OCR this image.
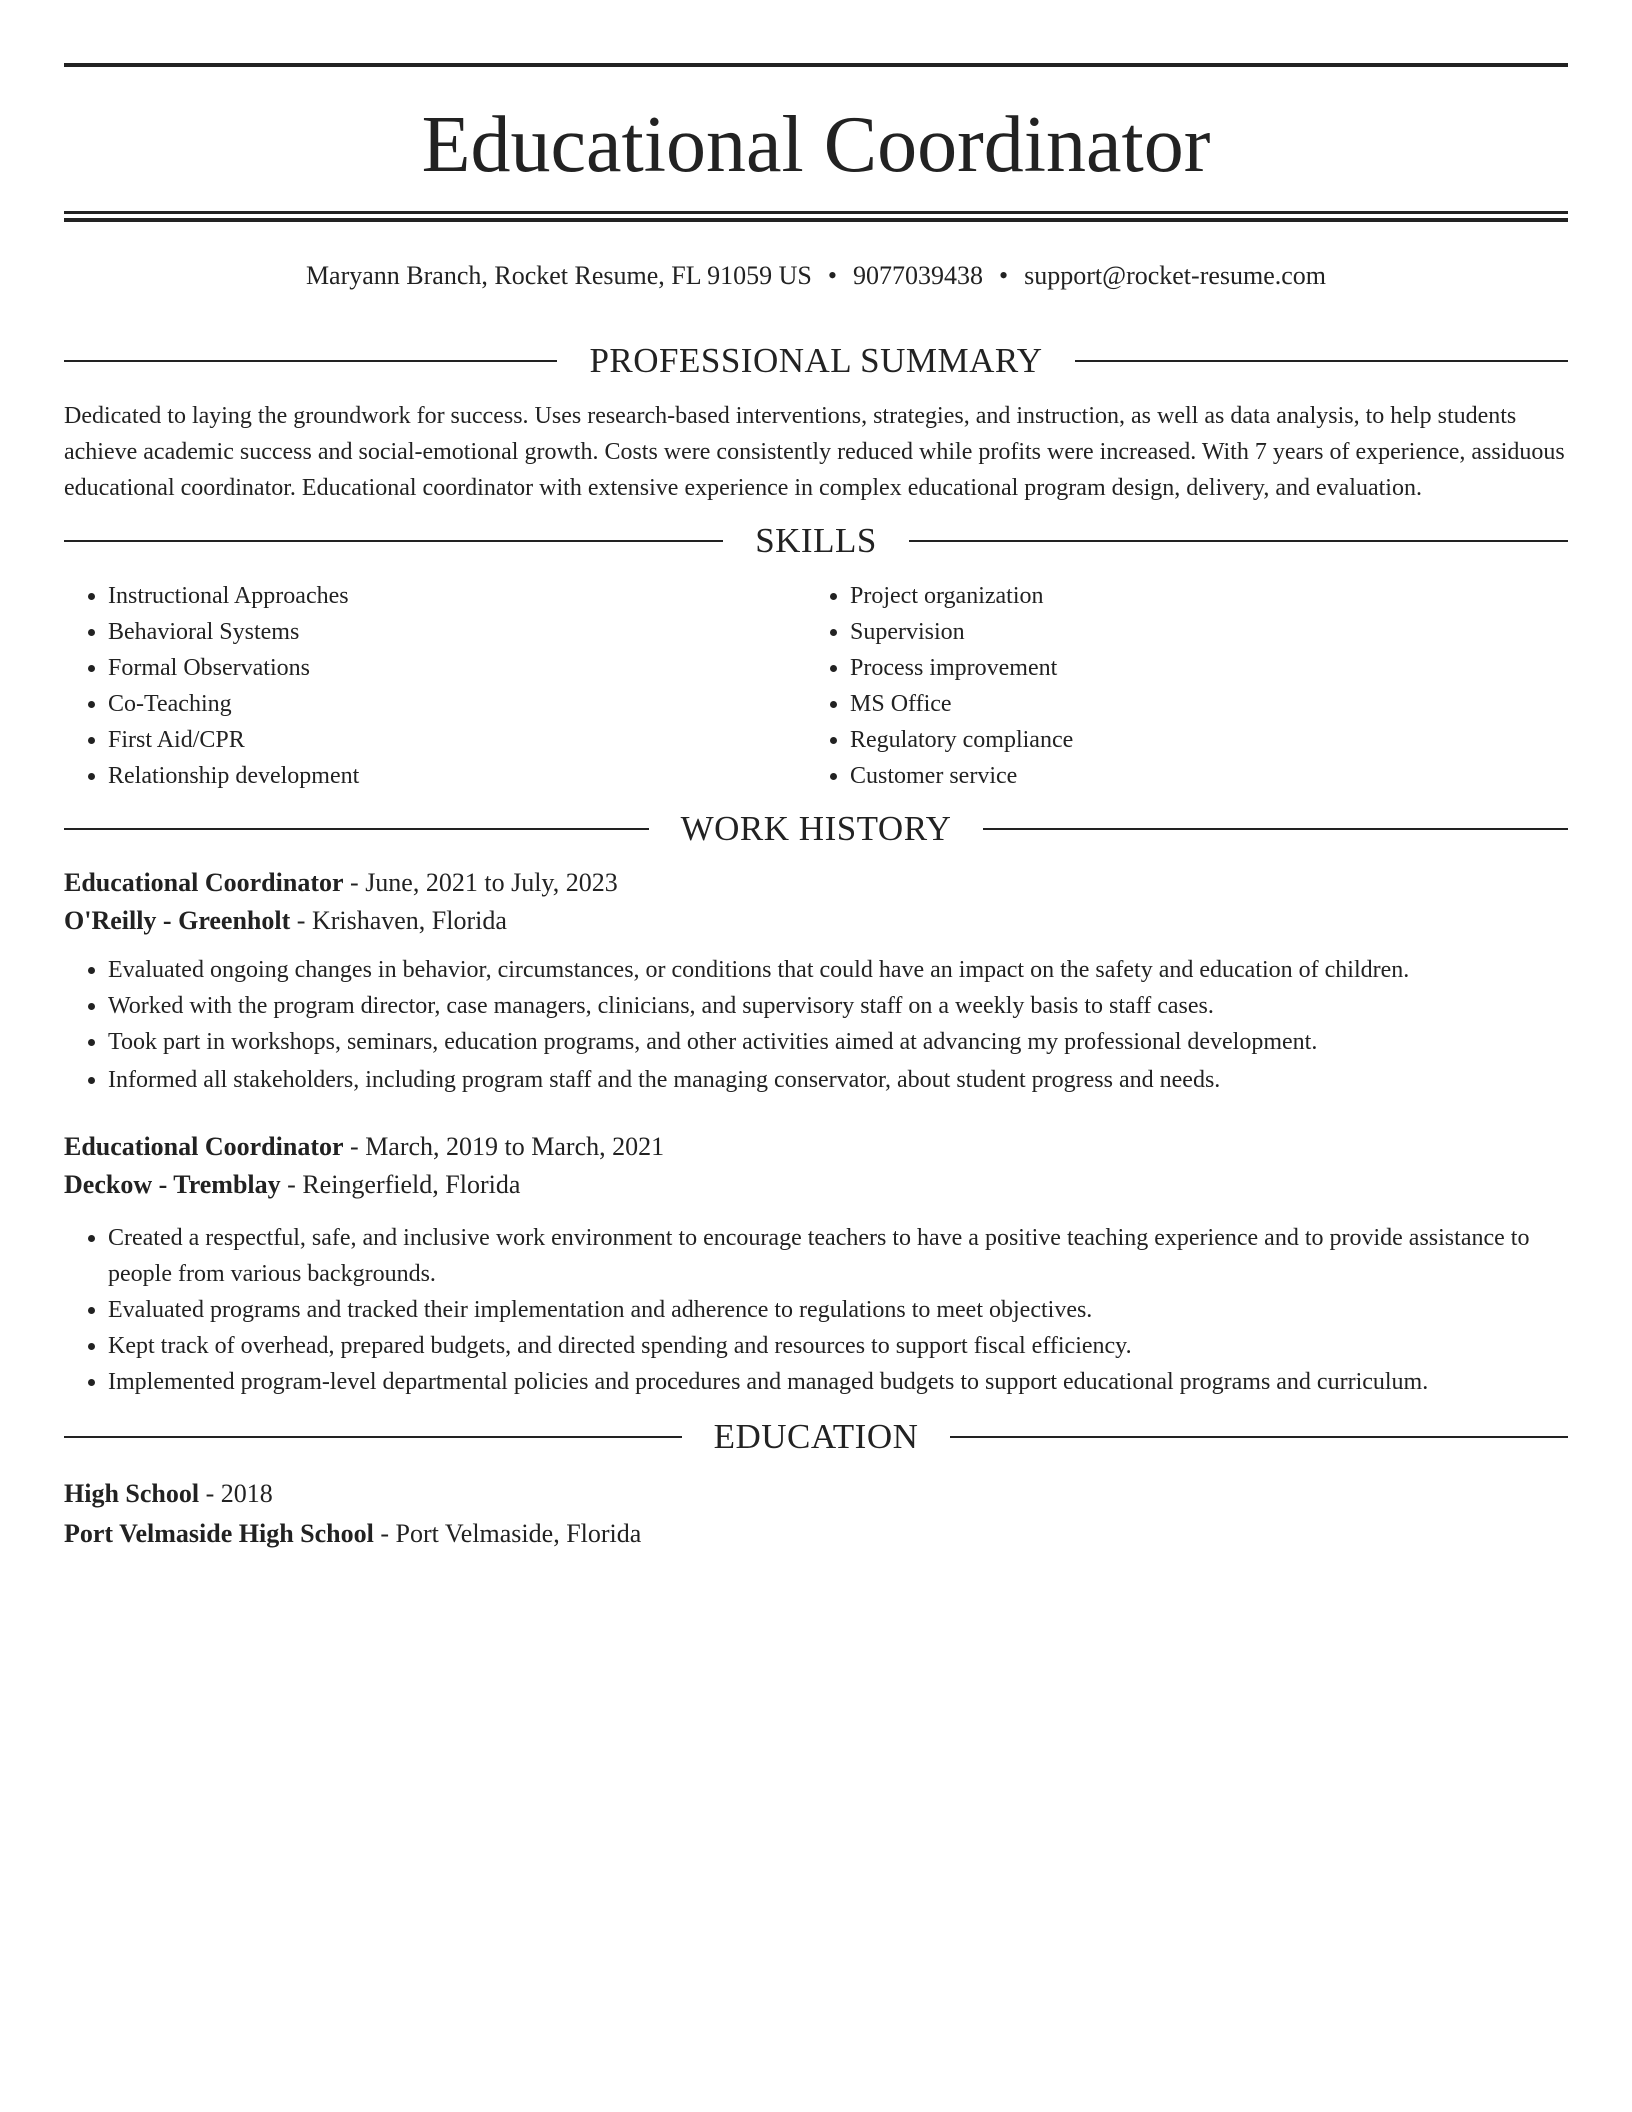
Educational Coordinator
Maryann Branch, Rocket Resume, FL 91059 US • 9077039438 • support@rocket-resume.com
PROFESSIONAL SUMMARY

Dedicated to laying the groundwork for success. Uses research-based interventions, strategies, and instruction, as well as data analysis, to help students achieve academic success and social-emotional growth. Costs were consistently reduced while profits were increased. With 7 years of experience, assiduous educational coordinator. Educational coordinator with extensive experience in complex educational program design, delivery, and evaluation.

SKILLS
• Instructional Approaches
• Behavioral Systems
• Formal Observations
• Co-Teaching
• First Aid/CPR
• Relationship development
• Project organization
• Supervision
• Process improvement
• MS Office
• Regulatory compliance
• Customer service
WORK HISTORY
Educational Coordinator - June, 2021 to July, 2023
O'Reilly - Greenholt - Krishaven, Florida
• Evaluated ongoing changes in behavior, circumstances, or conditions that could have an impact on the safety and education of children.
• Worked with the program director, case managers, clinicians, and supervisory staff on a weekly basis to staff cases.
• Took part in workshops, seminars, education programs, and other activities aimed at advancing my professional development.
• Informed all stakeholders, including program staff and the managing conservator, about student progress and needs.
Educational Coordinator - March, 2019 to March, 2021
Deckow - Tremblay - Reingerfield, Florida
• Created a respectful, safe, and inclusive work environment to encourage teachers to have a positive teaching experience and to provide assistance to people from various backgrounds.
• Evaluated programs and tracked their implementation and adherence to regulations to meet objectives.
• Kept track of overhead, prepared budgets, and directed spending and resources to support fiscal efficiency.
• Implemented program-level departmental policies and procedures and managed budgets to support educational programs and curriculum.
EDUCATION
High School - 2018
Port Velmaside High School - Port Velmaside, Florida
